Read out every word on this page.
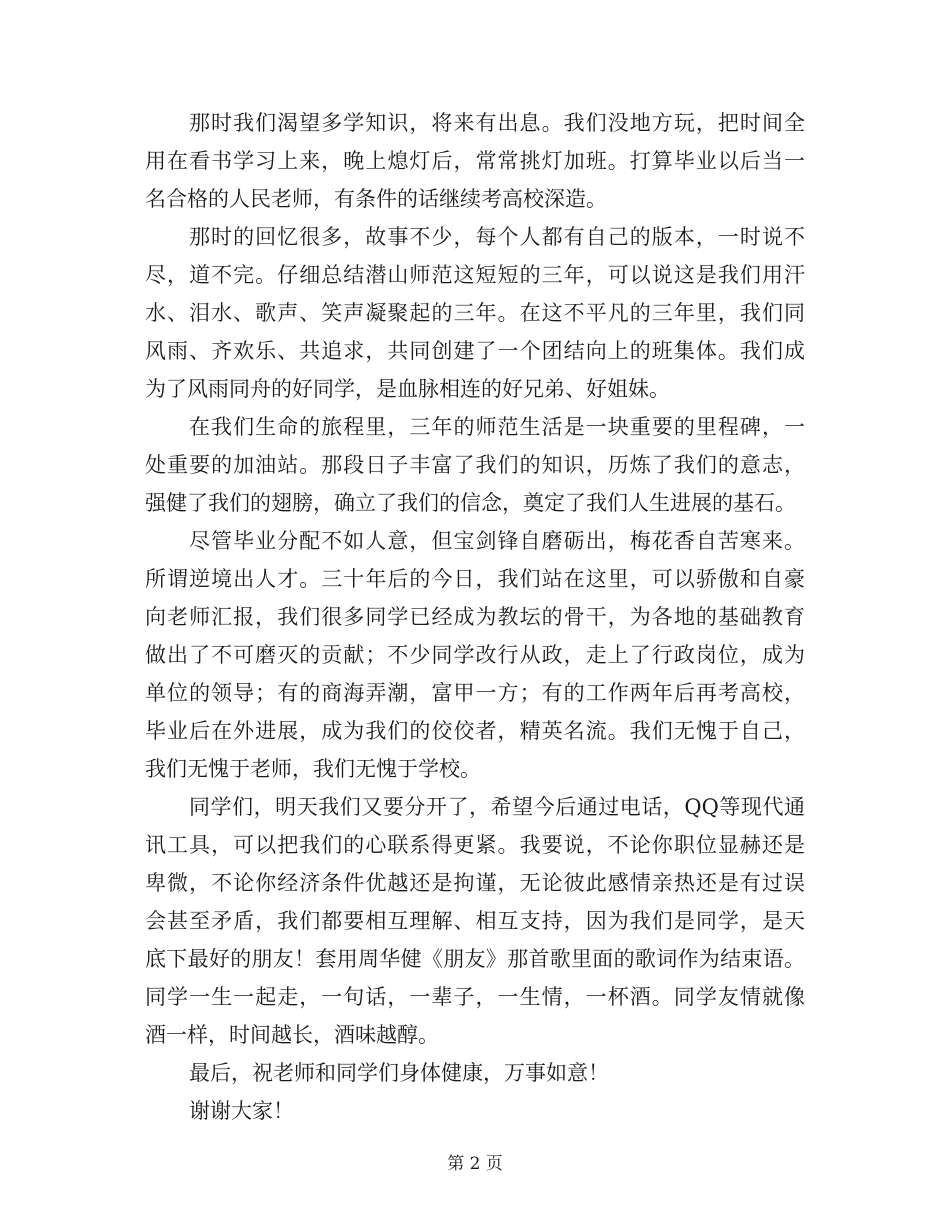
那时我们渴望多学知识，将来有出息。我们没地方玩，把时间全
用在看书学习上来，晚上熄灯后，常常挑灯加班。打算毕业以后当一
名合格的人民老师，有条件的话继续考高校深造。
那时的回忆很多，故事不少，每个人都有自己的版本，一时说不
尽，道不完。仔细总结潜山师范这短短的三年，可以说这是我们用汗
水、泪水、歌声、笑声凝聚起的三年。在这不平凡的三年里，我们同
风雨、齐欢乐、共追求，共同创建了一个团结向上的班集体。我们成
为了风雨同舟的好同学，是血脉相连的好兄弟、好姐妹。
在我们生命的旅程里，三年的师范生活是一块重要的里程碑，一
处重要的加油站。那段日子丰富了我们的知识，历炼了我们的意志，
强健了我们的翅膀，确立了我们的信念，奠定了我们人生进展的基石。
尽管毕业分配不如人意，但宝剑锋自磨砺出，梅花香自苦寒来。
所谓逆境出人才。三十年后的今日，我们站在这里，可以骄傲和自豪
向老师汇报，我们很多同学已经成为教坛的骨干，为各地的基础教育
做出了不可磨灭的贡献；不少同学改行从政，走上了行政岗位，成为
单位的领导；有的商海弄潮，富甲一方；有的工作两年后再考高校，
毕业后在外进展，成为我们的佼佼者，精英名流。我们无愧于自己，
我们无愧于老师，我们无愧于学校。
同学们，明天我们又要分开了，希望今后通过电话，QQ等现代通
讯工具，可以把我们的心联系得更紧。我要说，不论你职位显赫还是
卑微，不论你经济条件优越还是拘谨，无论彼此感情亲热还是有过误
会甚至矛盾，我们都要相互理解、相互支持，因为我们是同学，是天
底下最好的朋友！套用周华健《朋友》那首歌里面的歌词作为结束语。
同学一生一起走，一句话，一辈子，一生情，一杯酒。同学友情就像
酒一样，时间越长，酒味越醇。
最后，祝老师和同学们身体健康，万事如意！
谢谢大家！
第 2 页
